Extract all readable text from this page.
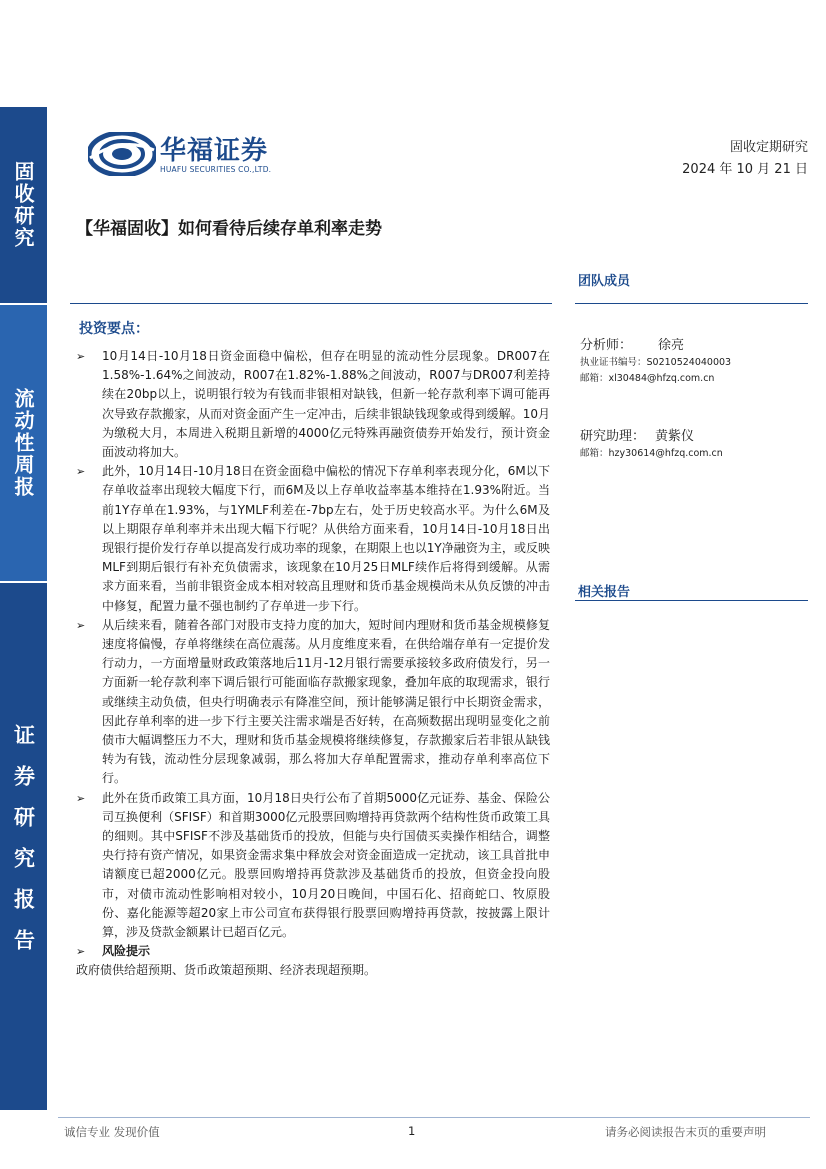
固收研究
流动性周报
证券研究报告
华福证券
HUAFU SECURITIES CO.,LTD.
固收定期研究
2024 年 10 月 21 日
【华福固收】如何看待后续存单利率走势
投资要点：
团队成员
相关报告
➢ 10月14日-10月18日资金面稳中偏松，但存在明显的流动性分层现象。DR007在1.58%-1.64%之间波动，R007在1.82%-1.88%之间波动，R007与DR007利差持续在20bp以上，说明银行较为有钱而非银相对缺钱，但新一轮存款利率下调可能再次导致存款搬家，从而对资金面产生一定冲击，后续非银缺钱现象或得到缓解。10月为缴税大月，本周进入税期且新增的4000亿元特殊再融资债券开始发行，预计资金面波动将加大。
➢ 此外，10月14日-10月18日在资金面稳中偏松的情况下存单利率表现分化，6M以下存单收益率出现较大幅度下行，而6M及以上存单收益率基本维持在1.93%附近。当前1Y存单在1.93%，与1YMLF利差在-7bp左右，处于历史较高水平。为什么6M及以上期限存单利率并未出现大幅下行呢？从供给方面来看，10月14日-10月18日出现银行提价发行存单以提高发行成功率的现象，在期限上也以1Y净融资为主，或反映MLF到期后银行有补充负债需求，该现象在10月25日MLF续作后将得到缓解。从需求方面来看，当前非银资金成本相对较高且理财和货币基金规模尚未从负反馈的冲击中修复，配置力量不强也制约了存单进一步下行。
➢ 从后续来看，随着各部门对股市支持力度的加大，短时间内理财和货币基金规模修复速度将偏慢，存单将继续在高位震荡。从月度维度来看，在供给端存单有一定提价发行动力，一方面增量财政政策落地后11月-12月银行需要承接较多政府债发行，另一方面新一轮存款利率下调后银行可能面临存款搬家现象，叠加年底的取现需求，银行或继续主动负债，但央行明确表示有降准空间，预计能够满足银行中长期资金需求，因此存单利率的进一步下行主要关注需求端是否好转，在高频数据出现明显变化之前债市大幅调整压力不大，理财和货币基金规模将继续修复，存款搬家后若非银从缺钱转为有钱，流动性分层现象减弱，那么将加大存单配置需求，推动存单利率高位下行。
➢ 此外在货币政策工具方面，10月18日央行公布了首期5000亿元证券、基金、保险公司互换便利（SFISF）和首期3000亿元股票回购增持再贷款两个结构性货币政策工具的细则。其中SFISF不涉及基础货币的投放，但能与央行国债买卖操作相结合，调整央行持有资产情况，如果资金需求集中释放会对资金面造成一定扰动，该工具首批申请额度已超2000亿元。股票回购增持再贷款涉及基础货币的投放，但资金投向股市，对债市流动性影响相对较小，10月20日晚间，中国石化、招商蛇口、牧原股份、嘉化能源等超20家上市公司宣布获得银行股票回购增持再贷款，按披露上限计算，涉及贷款金额累计已超百亿元。
➢ 风险提示
政府债供给超预期、货币政策超预期、经济表现超预期。
分析师： 徐亮
执业证书编号：S0210524040003
邮箱：xl30484@hfzq.com.cn
研究助理： 黄紫仪
邮箱：hzy30614@hfzq.com.cn
诚信专业 发现价值	1	请务必阅读报告末页的重要声明
